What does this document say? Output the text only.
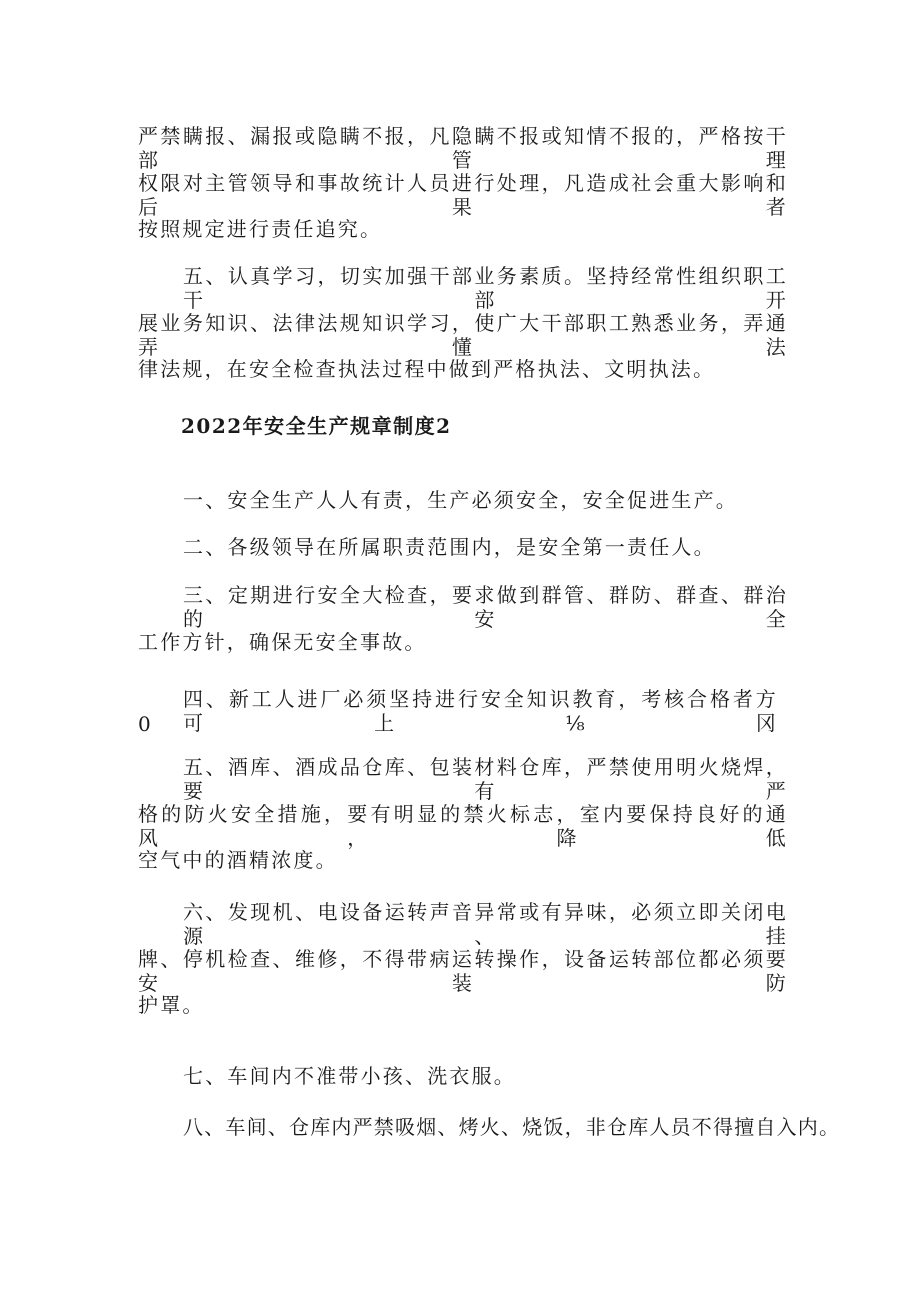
严禁瞒报、漏报或隐瞒不报，凡隐瞒不报或知情不报的，严格按干部管理
权限对主管领导和事故统计人员进行处理，凡造成社会重大影响和后果者
按照规定进行责任追究。
五、认真学习，切实加强干部业务素质。坚持经常性组织职工干部开
展业务知识、法律法规知识学习，使广大干部职工熟悉业务，弄通弄懂法
律法规，在安全检查执法过程中做到严格执法、文明执法。
2022年安全生产规章制度2
一、安全生产人人有责，生产必须安全，安全促进生产。
二、各级领导在所属职责范围内，是安全第一责任人。
三、定期进行安全大检查，要求做到群管、群防、群查、群治的安全
工作方针，确保无安全事故。
四、新工人进厂必须坚持进行安全知识教育，考核合格者方可上⅛冈
0
五、酒库、酒成品仓库、包装材料仓库，严禁使用明火烧焊，要有严
格的防火安全措施，要有明显的禁火标志，室内要保持良好的通风，降低
空气中的酒精浓度。
六、发现机、电设备运转声音异常或有异味，必须立即关闭电源、挂
牌、停机检查、维修，不得带病运转操作，设备运转部位都必须要安装防
护罩。
七、车间内不准带小孩、洗衣服。
八、车间、仓库内严禁吸烟、烤火、烧饭，非仓库人员不得擅自入内。
